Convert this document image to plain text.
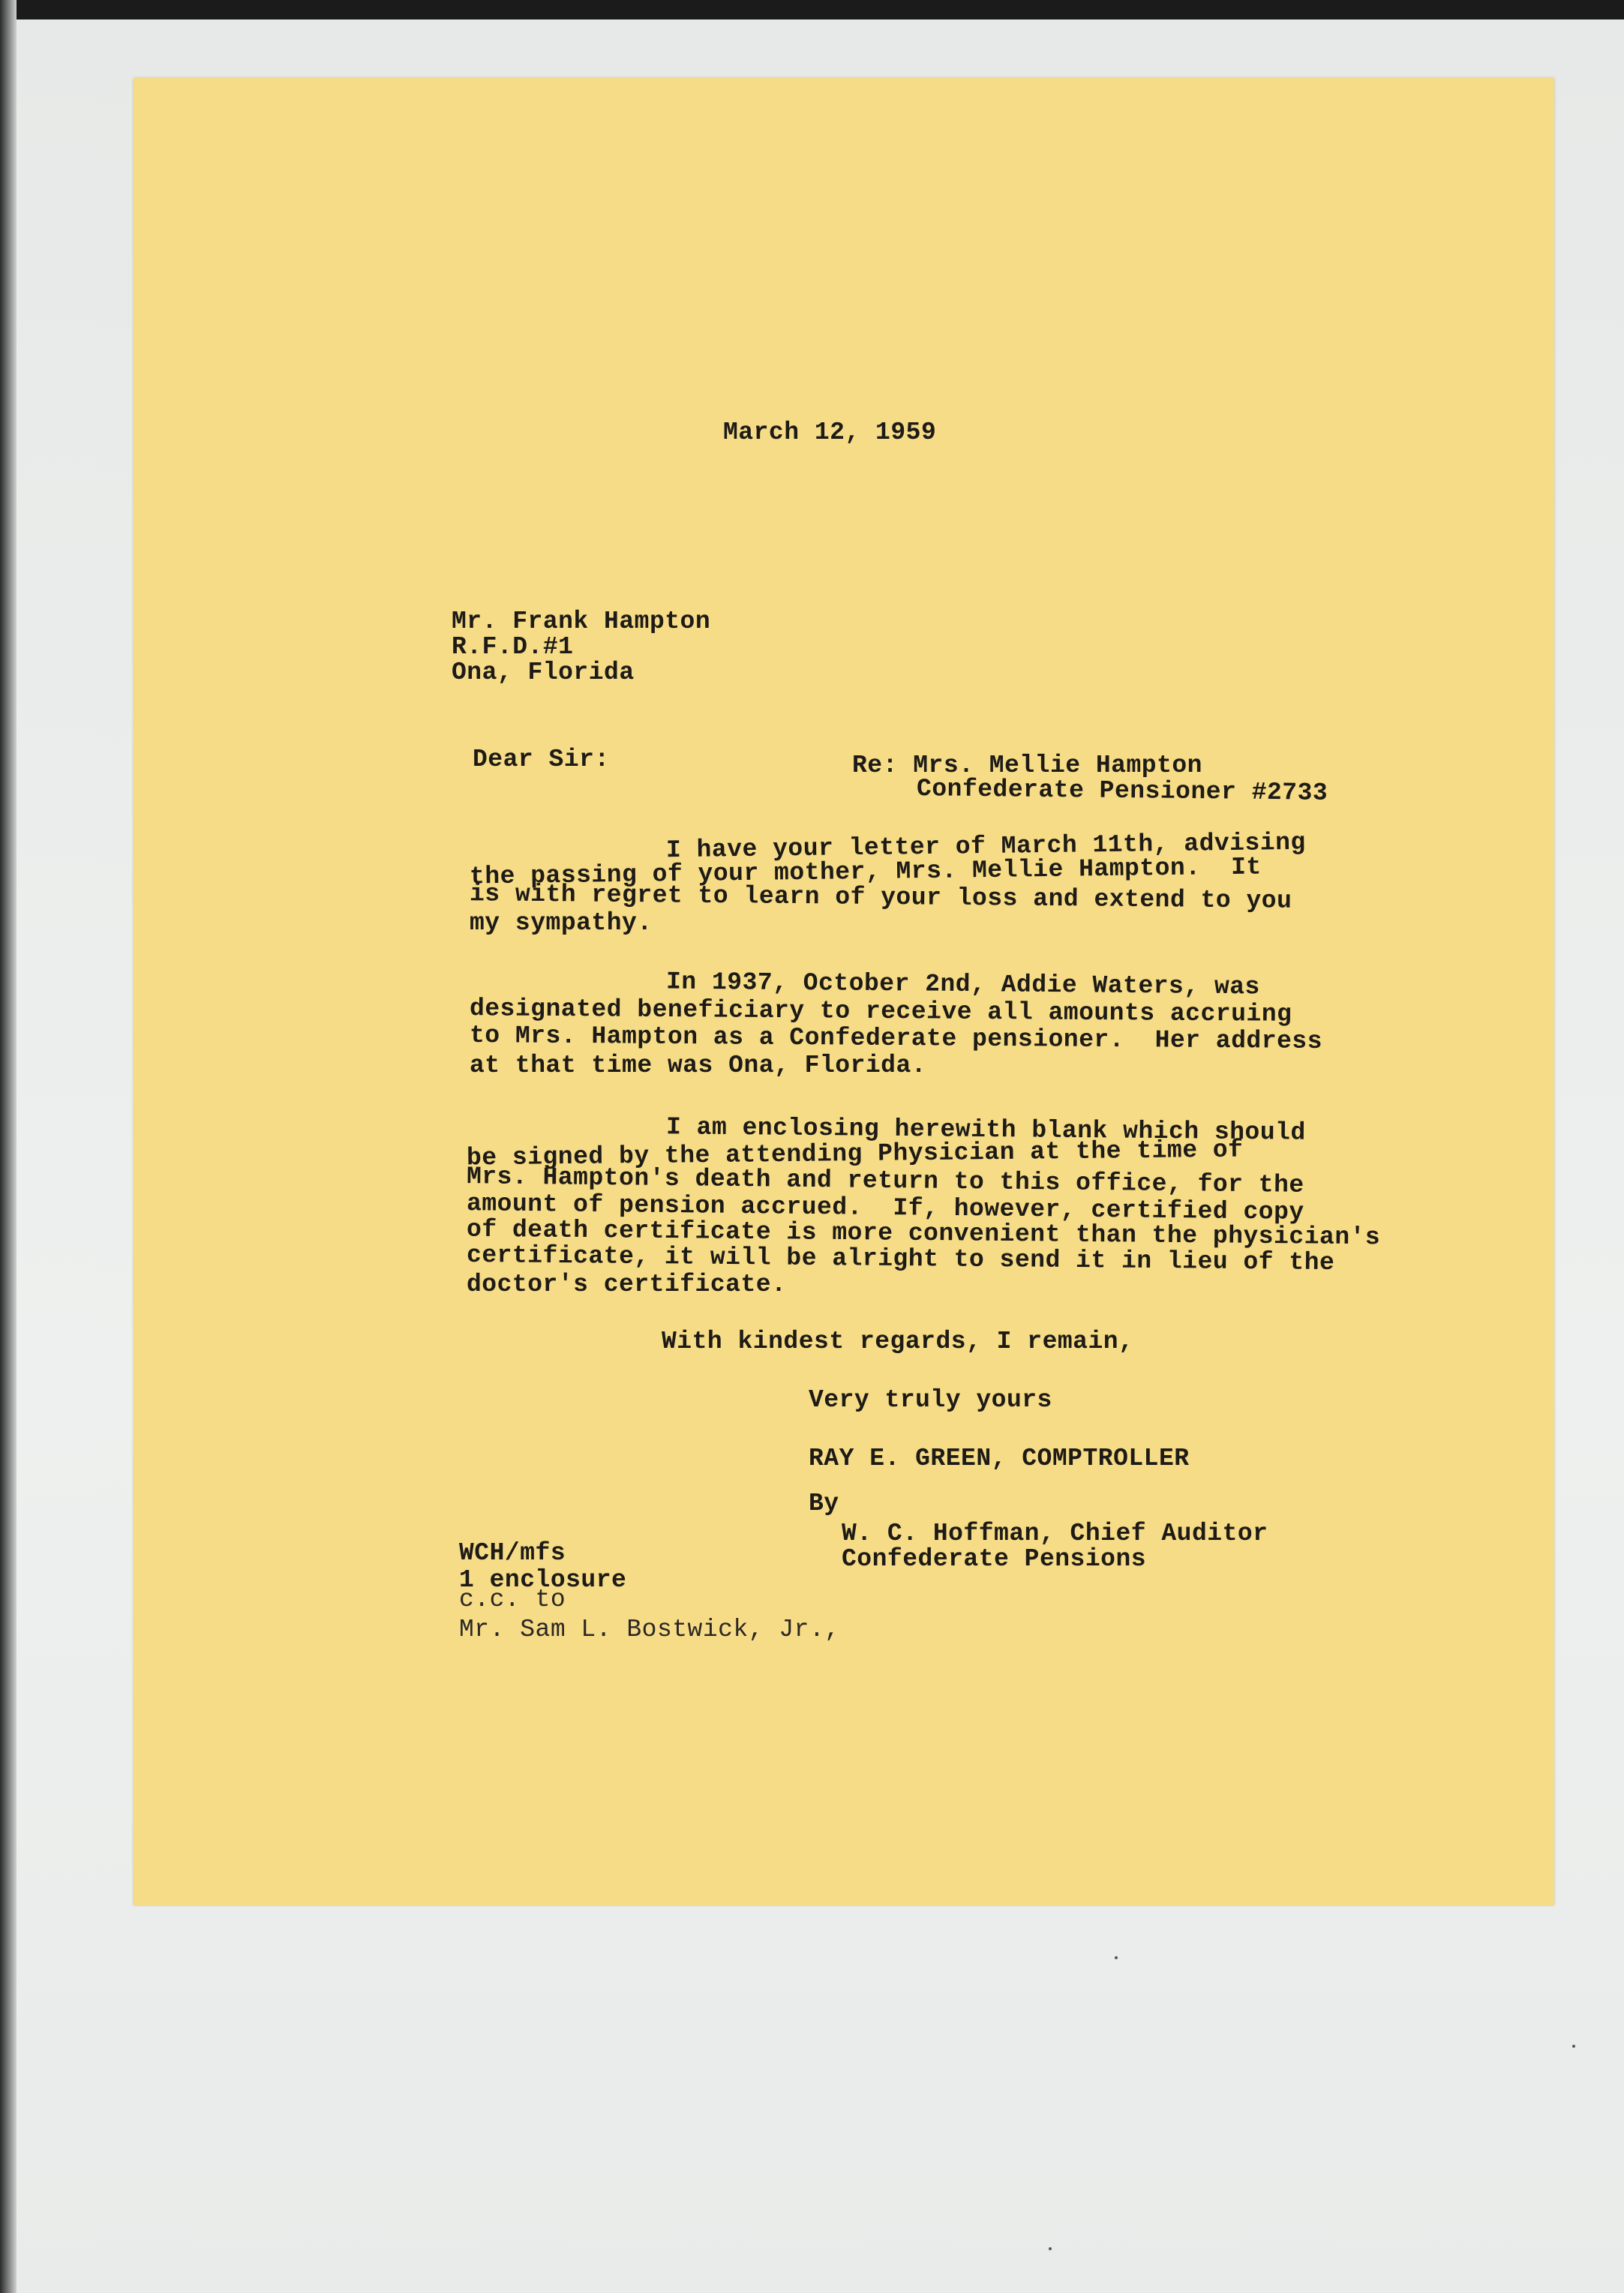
March 12, 1959

Mr. Frank Hampton

R.F.D.#1

Ona, Florida

Dear Sir:	Re: Mrs. Mellie Hampton

Confederate Pensioner #2733

I have your letter of March 11th, advising

the passing of your mother, Mrs. Mellie Hampton.  It

is with regret to learn of your loss and extend to you

my sympathy.

In 1937, October 2nd, Addie Waters, was

designated beneficiary to receive all amounts accruing

to Mrs. Hampton as a Confederate pensioner.  Her address

at that time was Ona, Florida.

I am enclosing herewith blank which should

be signed by the attending Physician at the time of

Mrs. Hampton's death and return to this office, for the

amount of pension accrued.  If, however, certified copy

of death certificate is more convenient than the physician's

certificate, it will be alright to send it in lieu of the

doctor's certificate.

With kindest regards, I remain,

Very truly yours

RAY E. GREEN, COMPTROLLER

By

W. C. Hoffman, Chief Auditor

Confederate Pensions

WCH/mfs

1 enclosure

c.c. to

Mr. Sam L. Bostwick, Jr.,
